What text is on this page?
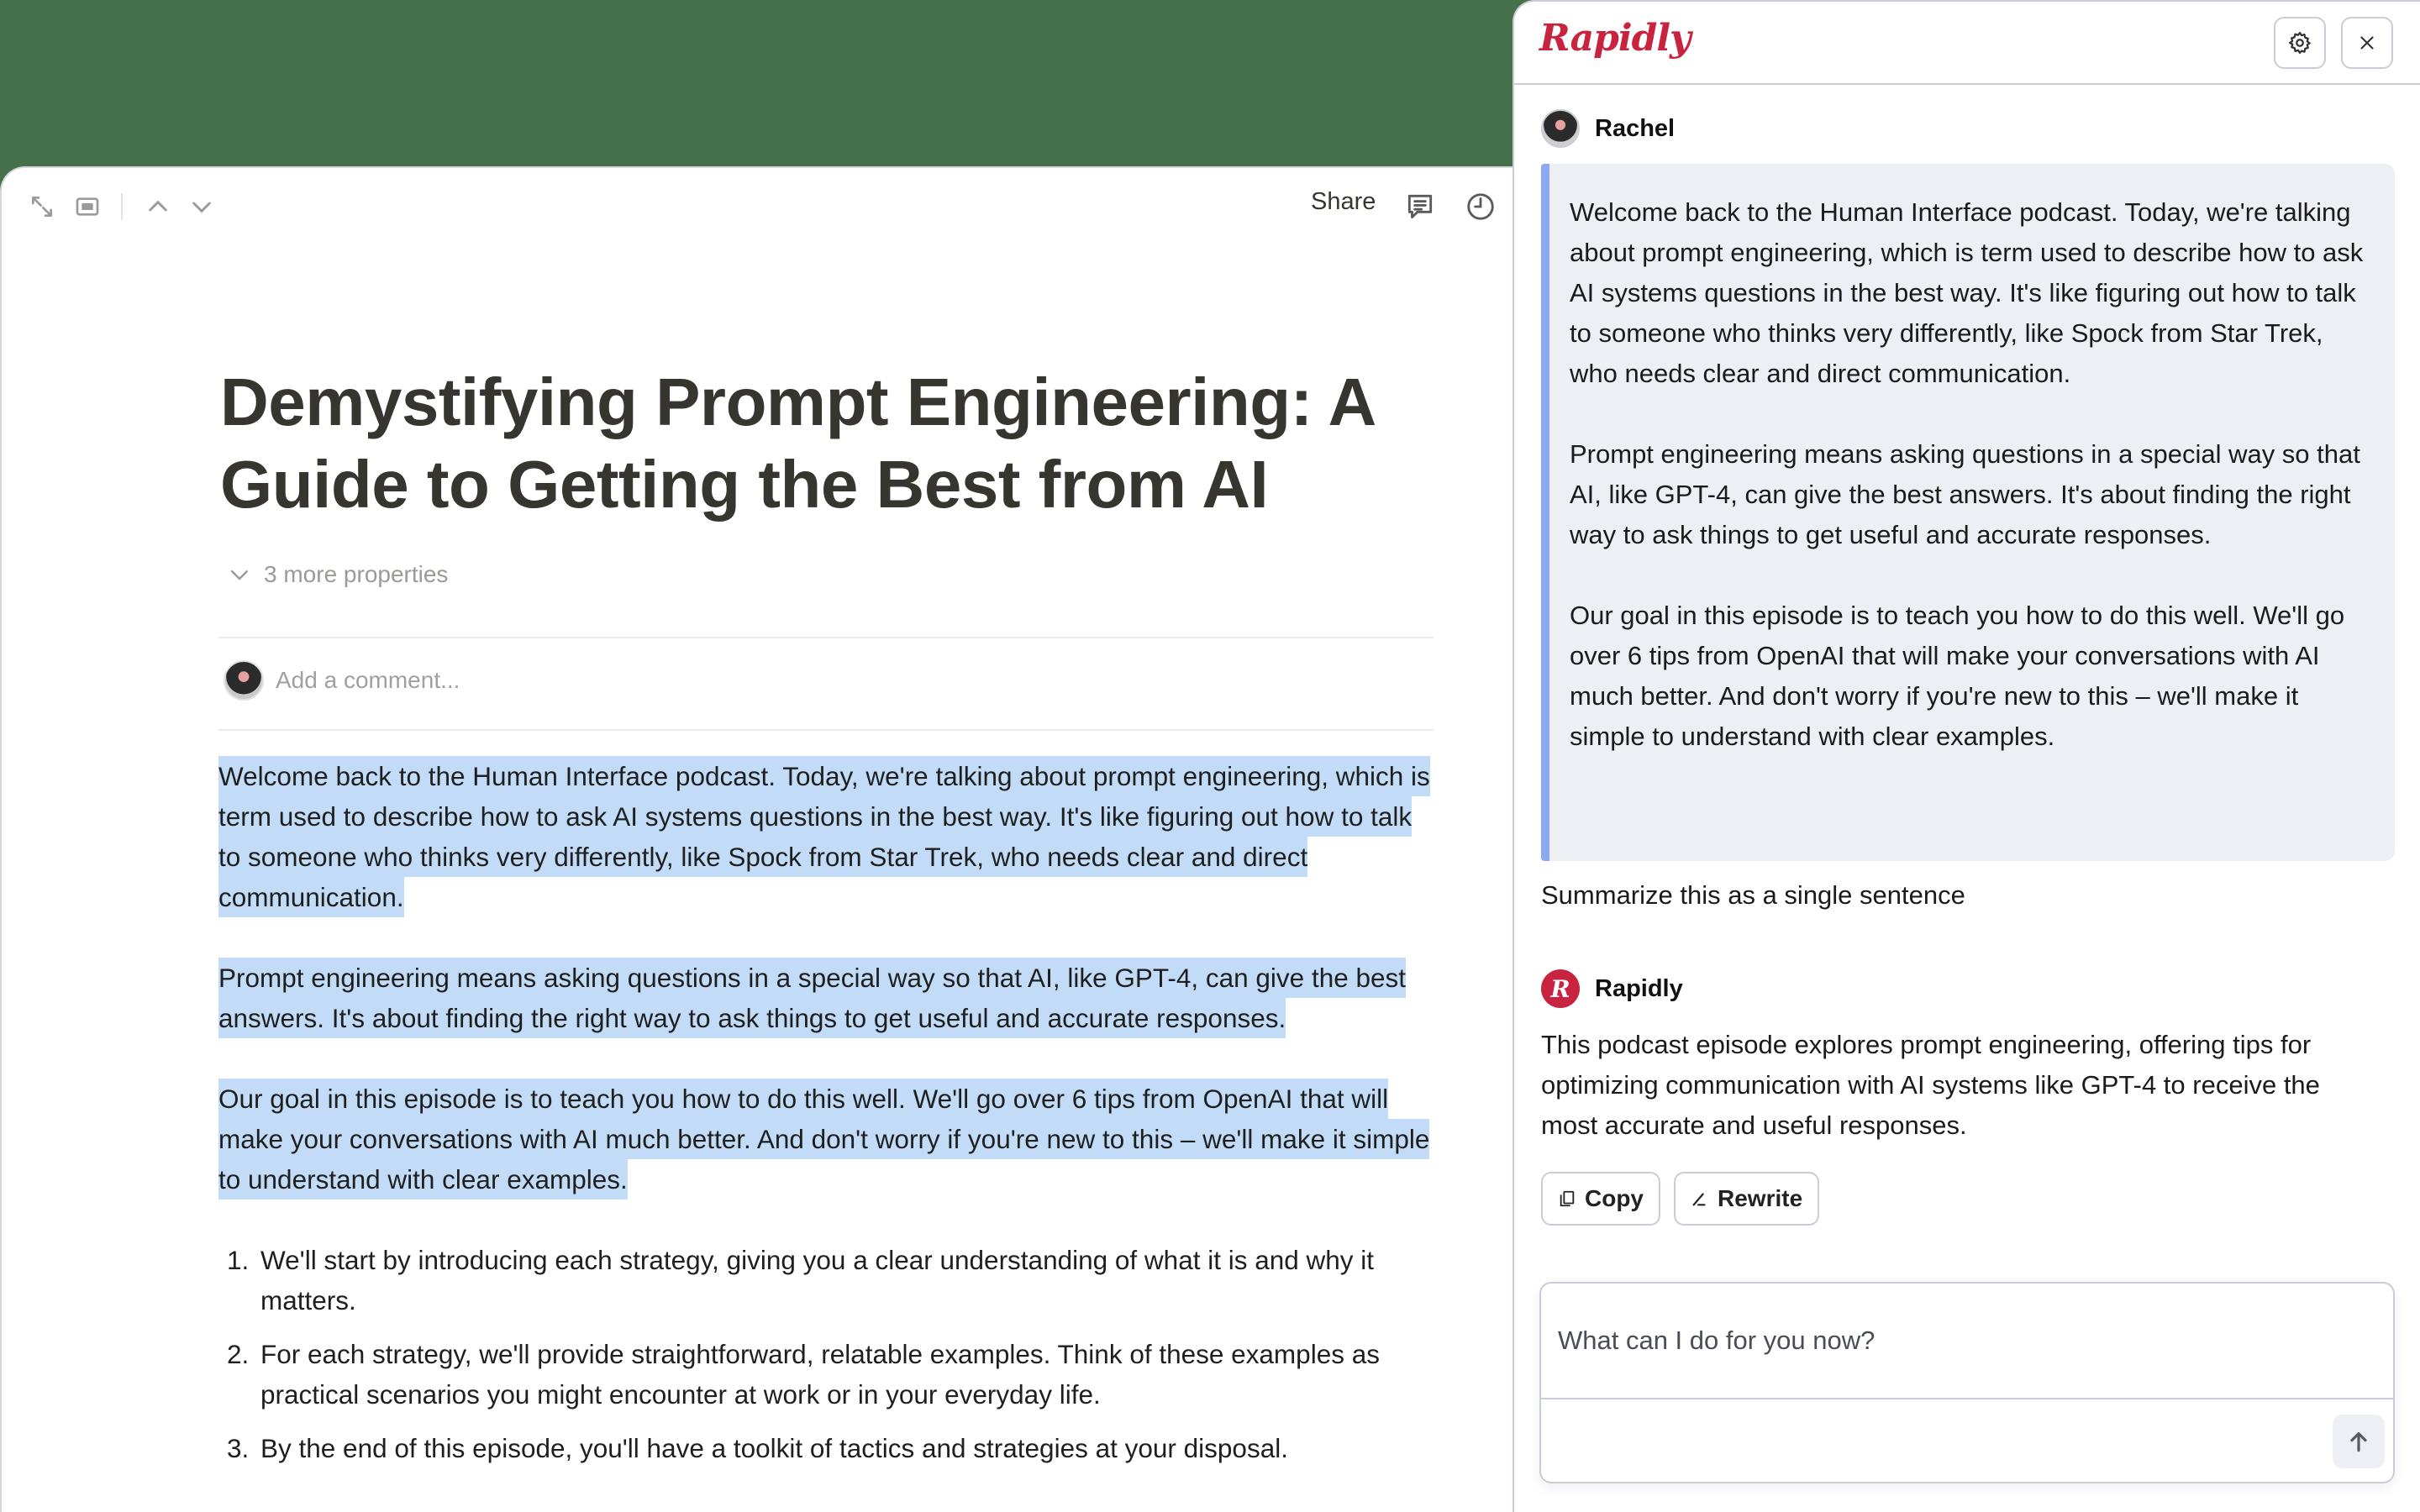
Share
Demystifying Prompt Engineering: A Guide to Getting the Best from AI
3 more properties
Add a comment...

Welcome back to the Human Interface podcast. Today, we're talking about prompt engineering, which is term used to describe how to ask AI systems questions in the best way. It's like figuring out how to talk to someone who thinks very differently, like Spock from Star Trek, who needs clear and direct communication.

Prompt engineering means asking questions in a special way so that AI, like GPT-4, can give the best answers. It's about finding the right way to ask things to get useful and accurate responses.

Our goal in this episode is to teach you how to do this well. We'll go over 6 tips from OpenAI that will make your conversations with AI much better. And don't worry if you're new to this – we'll make it simple to understand with clear examples.

We'll start by introducing each strategy, giving you a clear understanding of what it is and why it matters.
For each strategy, we'll provide straightforward, relatable examples. Think of these examples as practical scenarios you might encounter at work or in your everyday life.
By the end of this episode, you'll have a toolkit of tactics and strategies at your disposal.
Rapidly
Rachel

Welcome back to the Human Interface podcast. Today, we're talking about prompt engineering, which is term used to describe how to ask AI systems questions in the best way. It's like figuring out how to talk to someone who thinks very differently, like Spock from Star Trek, who needs clear and direct communication.

Prompt engineering means asking questions in a special way so that AI, like GPT-4, can give the best answers. It's about finding the right way to ask things to get useful and accurate responses.

Our goal in this episode is to teach you how to do this well. We'll go over 6 tips from OpenAI that will make your conversations with AI much better. And don't worry if you're new to this – we'll make it simple to understand with clear examples.

Summarize this as a single sentence
R	Rapidly
This podcast episode explores prompt engineering, offering tips for optimizing communication with AI systems like GPT-4 to receive the most accurate and useful responses.
Copy	Rewrite
What can I do for you now?
